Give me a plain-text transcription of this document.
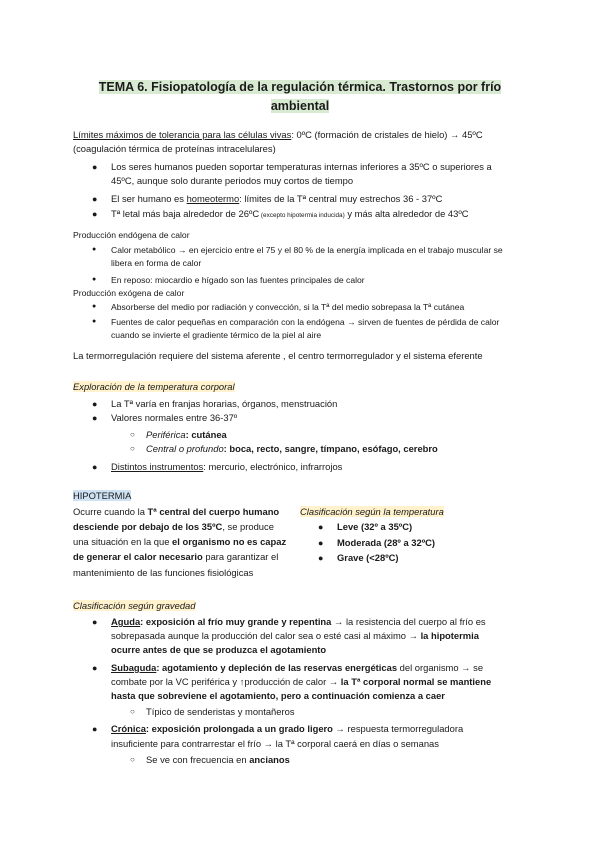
TEMA 6. Fisiopatología de la regulación térmica. Trastornos por frío
ambiental
Límites máximos de tolerancia para las células vivas: 0ºC (formación de cristales de hielo) → 45ºC
(coagulación térmica de proteínas intracelulares)
● Los seres humanos pueden soportar temperaturas internas inferiores a 35ºC o superiores a
45ºC, aunque solo durante periodos muy cortos de tiempo
● El ser humano es homeotermo: límites de la Tª central muy estrechos 36 - 37ºC
● Tª letal más baja alrededor de 26ºC (excepto hipotermia inducida) y más alta alrededor de 43ºC
Producción endógena de calor
● Calor metabólico → en ejercicio entre el 75 y el 80 % de la energía implicada en el trabajo muscular se
libera en forma de calor
● En reposo: miocardio e hígado son las fuentes principales de calor
Producción exógena de calor
● Absorberse del medio por radiación y convección, si la Tª del medio sobrepasa la Tª cutánea
● Fuentes de calor pequeñas en comparación con la endógena → sirven de fuentes de pérdida de calor
cuando se invierte el gradiente térmico de la piel al aire
La termorregulación requiere del sistema aferente , el centro termorregulador y el sistema eferente
Exploración de la temperatura corporal
● La Tª varía en franjas horarias, órganos, menstruación
● Valores normales entre 36-37º
○ Periférica: cutánea
○ Central o profundo: boca, recto, sangre, tímpano, esófago, cerebro
● Distintos instrumentos: mercurio, electrónico, infrarrojos
HIPOTERMIA
Ocurre cuando la Tª central del cuerpo humano
desciende por debajo de los 35ºC, se produce
una situación en la que el organismo no es capaz
de generar el calor necesario para garantizar el
mantenimiento de las funciones fisiológicas
Clasificación según la temperatura
● Leve (32º a 35ºC)
● Moderada (28º a 32ºC)
● Grave (<28ºC)
Clasificación según gravedad
● Aguda: exposición al frío muy grande y repentina → la resistencia del cuerpo al frío es
sobrepasada aunque la producción del calor sea o esté casi al máximo → la hipotermia
ocurre antes de que se produzca el agotamiento
● Subaguda: agotamiento y depleción de las reservas energéticas del organismo → se
combate por la VC periférica y ↑producción de calor → la Tª corporal normal se mantiene
hasta que sobreviene el agotamiento, pero a continuación comienza a caer
○ Típico de senderistas y montañeros
● Crónica: exposición prolongada a un grado ligero → respuesta termorreguladora
insuficiente para contrarrestar el frío → la Tª corporal caerá en días o semanas
○ Se ve con frecuencia en ancianos
